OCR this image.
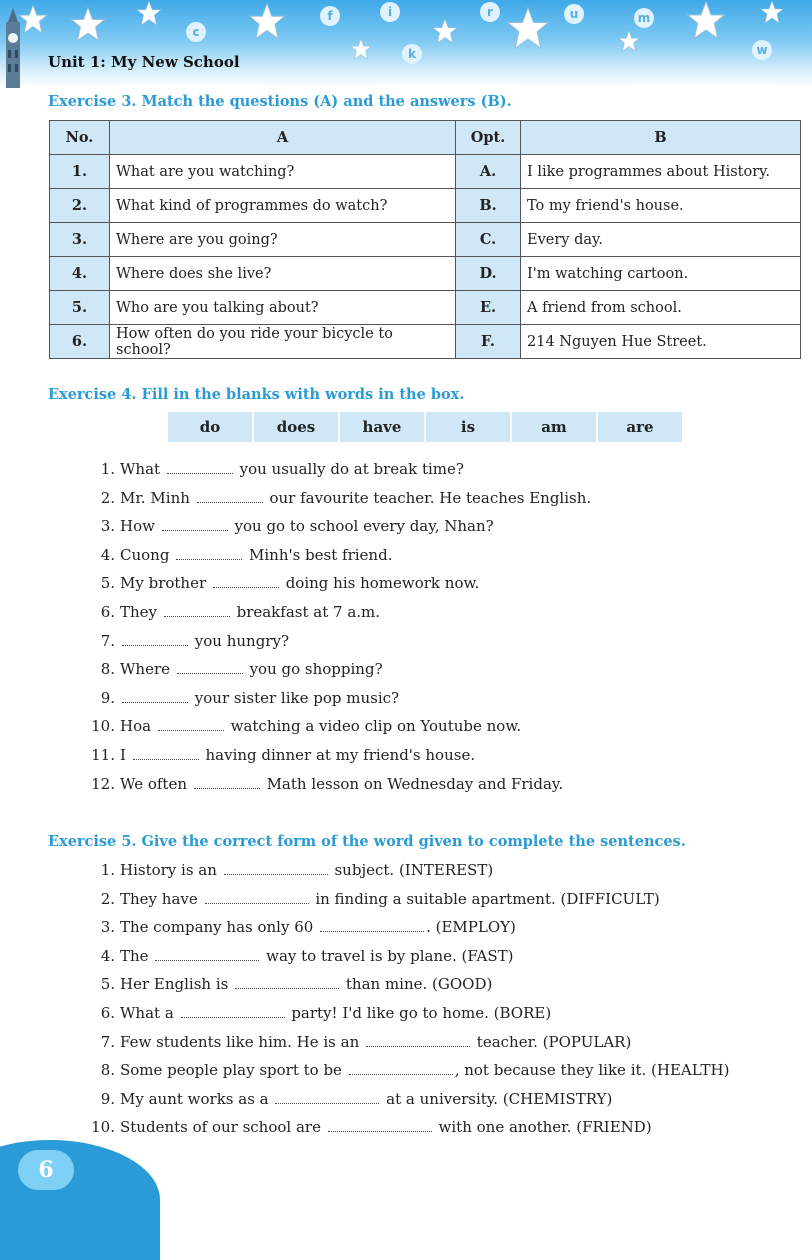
c
f	i
k
r	u	m
w
Unit 1: My New School
Exercise 3. Match the questions (A) and the answers (B).
No.	A	Opt.	B
1.	What are you watching?	A.	I like programmes about History.
2.	What kind of programmes do watch?	B.	To my friend's house.
3.	Where are you going?	C.	Every day.
4.	Where does she live?	D.	I'm watching cartoon.
5.	Who are you talking about?	E.	A friend from school.
6.	How often do you ride your bicycle to school?	F.	214 Nguyen Hue Street.
Exercise 4. Fill in the blanks with words in the box.
do	does	have	is	am	are
1. What	you usually do at break time?
2. Mr. Minh	our favourite teacher. He teaches English.
3. How	you go to school every day, Nhan?
4. Cuong	Minh's best friend.
5. My brother	doing his homework now.
6. They	breakfast at 7 a.m.
7.	you hungry?
8. Where	you go shopping?
9.	your sister like pop music?
10. Hoa	watching a video clip on Youtube now.
11. I	having dinner at my friend's house.
12. We often	Math lesson on Wednesday and Friday.
Exercise 5. Give the correct form of the word given to complete the sentences.
1. History is an	subject. (INTEREST)
2. They have	in finding a suitable apartment. (DIFFICULT)
3. The company has only 60	. (EMPLOY)
4. The	way to travel is by plane. (FAST)
5. Her English is	than mine. (GOOD)
6. What a	party! I'd like go to home. (BORE)
7. Few students like him. He is an	teacher. (POPULAR)
8. Some people play sport to be	, not because they like it. (HEALTH)
9. My aunt works as a	at a university. (CHEMISTRY)
10. Students of our school are	with one another. (FRIEND)
6
